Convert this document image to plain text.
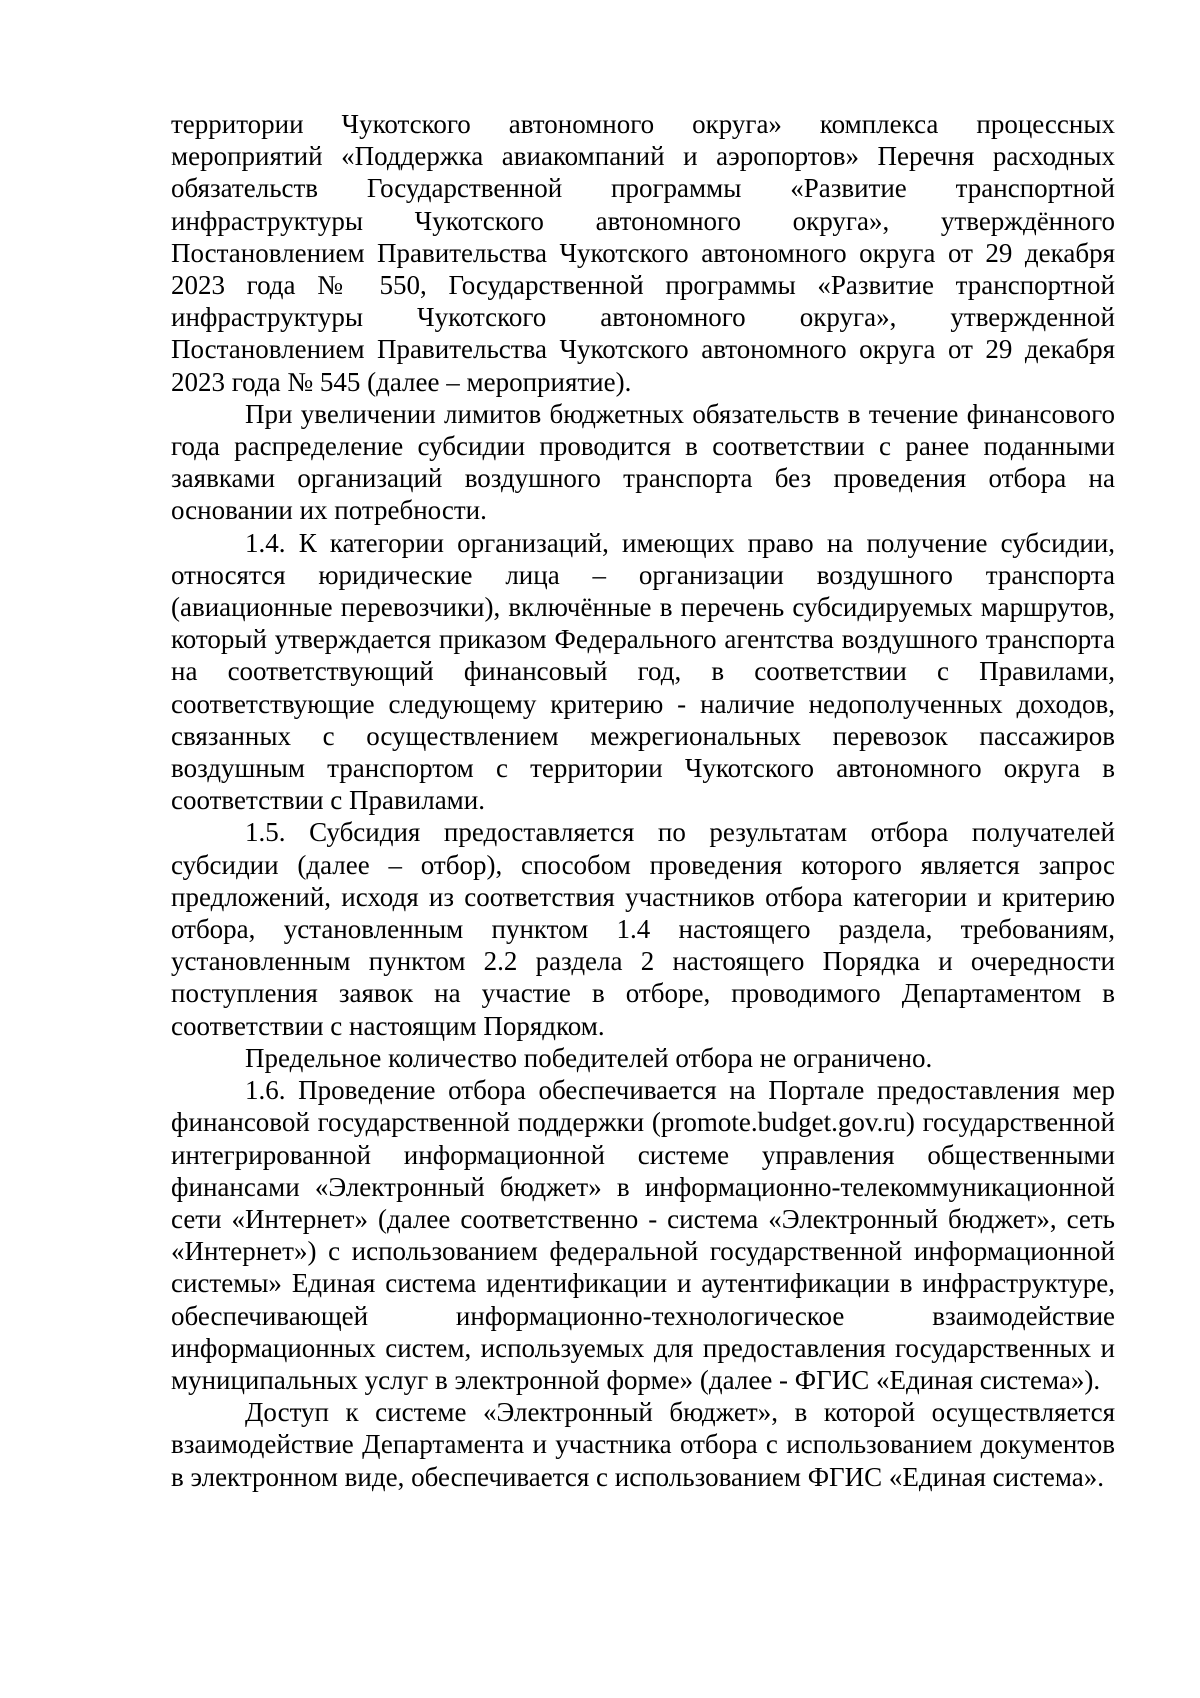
территории Чукотского автономного округа» комплекса процессных мероприятий «Поддержка авиакомпаний и аэропортов» Перечня расходных обязательств Государственной программы «Развитие транспортной инфраструктуры Чукотского автономного округа», утверждённого Постановлением Правительства Чукотского автономного округа от 29 декабря 2023 года № 550, Государственной программы «Развитие транспортной инфраструктуры Чукотского автономного округа», утвержденной Постановлением Правительства Чукотского автономного округа от 29 декабря 2023 года № 545 (далее – мероприятие).

При увеличении лимитов бюджетных обязательств в течение финансового года распределение субсидии проводится в соответствии с ранее поданными заявками организаций воздушного транспорта без проведения отбора на основании их потребности.

1.4. К категории организаций, имеющих право на получение субсидии, относятся юридические лица – организации воздушного транспорта (авиационные перевозчики), включённые в перечень субсидируемых маршрутов, который утверждается приказом Федерального агентства воздушного транспорта на соответствующий финансовый год, в соответствии с Правилами, соответствующие следующему критерию - наличие недополученных доходов, связанных с осуществлением межрегиональных перевозок пассажиров воздушным транспортом с территории Чукотского автономного округа в соответствии с Правилами.

1.5. Субсидия предоставляется по результатам отбора получателей субсидии (далее – отбор), способом проведения которого является запрос предложений, исходя из соответствия участников отбора категории и критерию отбора, установленным пунктом 1.4 настоящего раздела, требованиям, установленным пунктом 2.2 раздела 2 настоящего Порядка и очередности поступления заявок на участие в отборе, проводимого Департаментом в соответствии с настоящим Порядком.

Предельное количество победителей отбора не ограничено.

1.6. Проведение отбора обеспечивается на Портале предоставления мер финансовой государственной поддержки (promote.budget.gov.ru) государственной интегрированной информационной системе управления общественными финансами «Электронный бюджет» в информационно-телекоммуникационной сети «Интернет» (далее соответственно - система «Электронный бюджет», сеть «Интернет») с использованием федеральной государственной информационной системы» Единая система идентификации и аутентификации в инфраструктуре, обеспечивающей информационно-технологическое взаимодействие информационных систем, используемых для предоставления государственных и муниципальных услуг в электронной форме» (далее - ФГИС «Единая система»).

Доступ к системе «Электронный бюджет», в которой осуществляется взаимодействие Департамента и участника отбора с использованием документов в электронном виде, обеспечивается с использованием ФГИС «Единая система».
